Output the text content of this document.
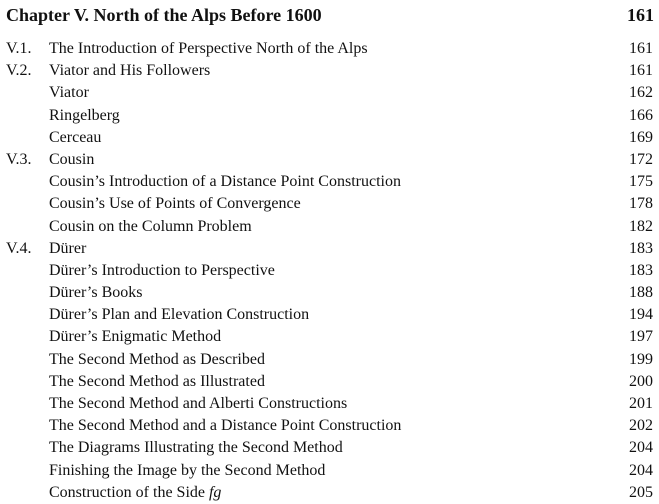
Chapter V. North of the Alps Before 1600	161
V.1. The Introduction of Perspective North of the Alps	161
V.2. Viator and His Followers	161
Viator	162
Ringelberg	166
Cerceau	169
V.3. Cousin	172
Cousin’s Introduction of a Distance Point Construction	175
Cousin’s Use of Points of Convergence	178
Cousin on the Column Problem	182
V.4. Dürer	183
Dürer’s Introduction to Perspective	183
Dürer’s Books	188
Dürer’s Plan and Elevation Construction	194
Dürer’s Enigmatic Method	197
The Second Method as Described	199
The Second Method as Illustrated	200
The Second Method and Alberti Constructions	201
The Second Method and a Distance Point Construction	202
The Diagrams Illustrating the Second Method	204
Finishing the Image by the Second Method	204
Construction of the Side fg	205
